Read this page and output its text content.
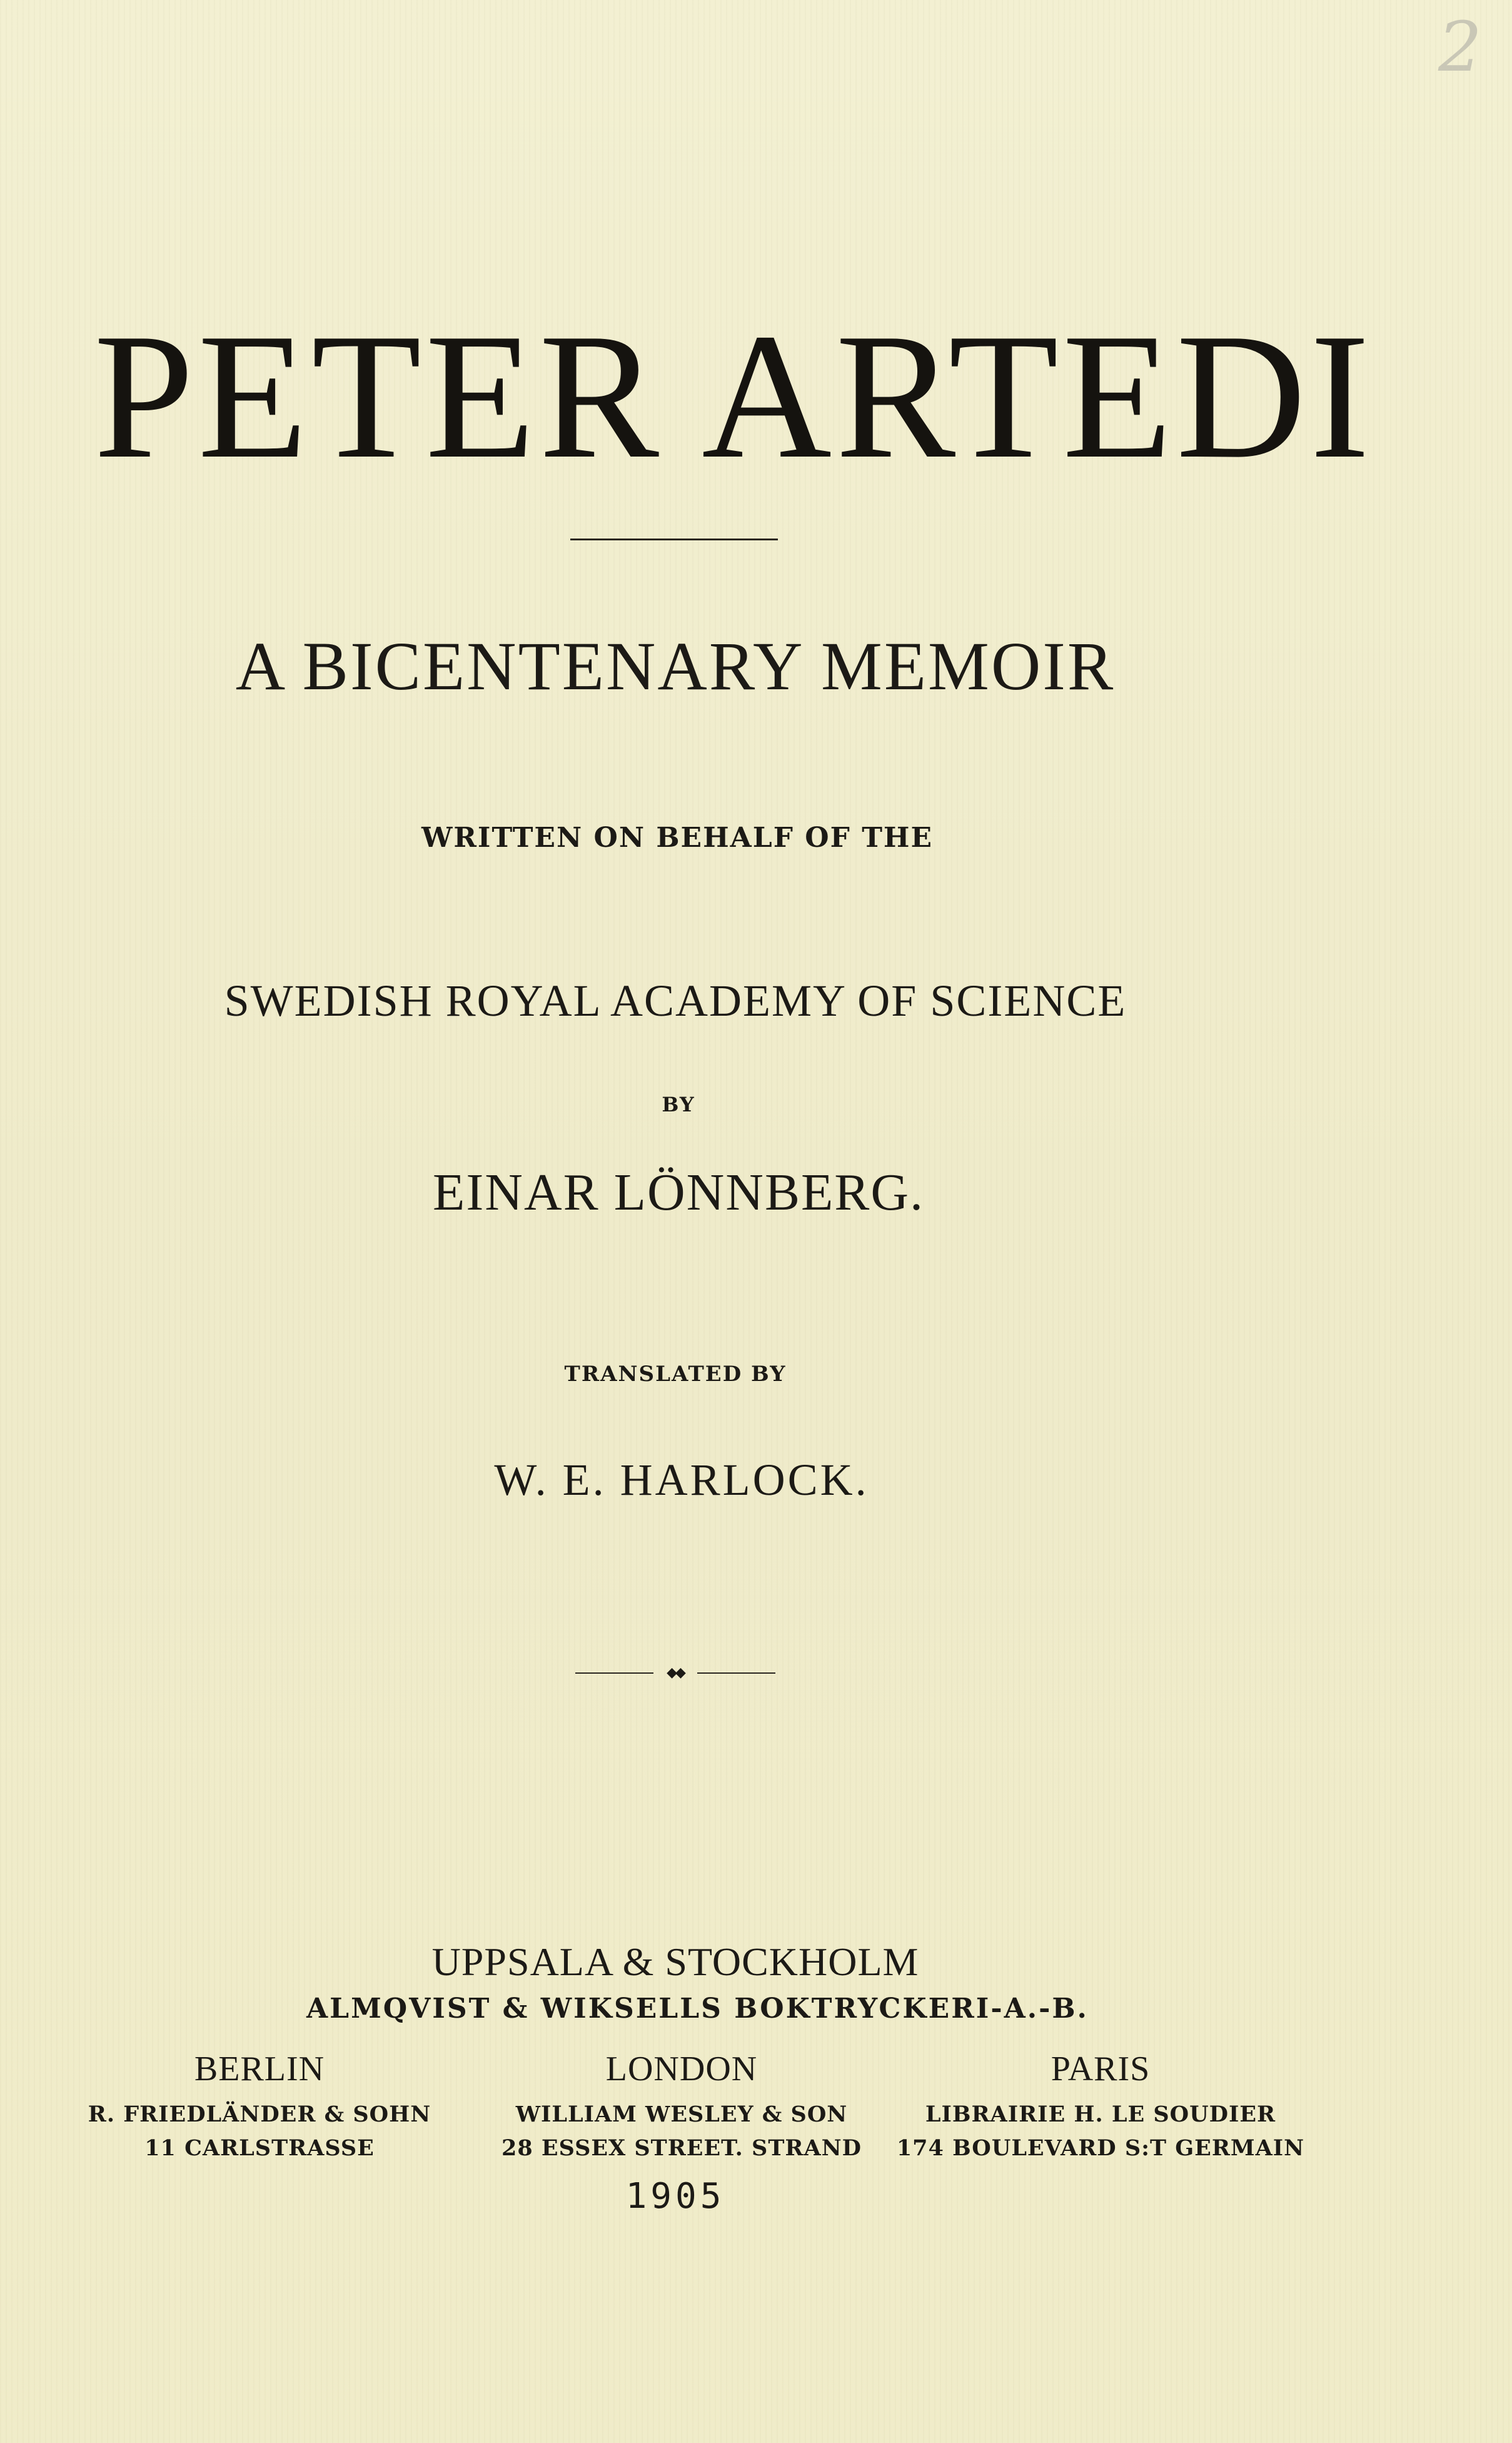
2
PETER ARTEDI
A BICENTENARY MEMOIR
WRITTEN ON BEHALF OF THE
SWEDISH ROYAL ACADEMY OF SCIENCE
BY
EINAR LÖNNBERG.
TRANSLATED BY
W. E. HARLOCK.
◆◆
UPPSALA & STOCKHOLM
ALMQVIST & WIKSELLS BOKTRYCKERI-A.-B.
BERLIN
R. FRIEDLÄNDER & SOHN
11 CARLSTRASSE
LONDON
WILLIAM WESLEY & SON
28 ESSEX STREET. STRAND
PARIS
LIBRAIRIE H. LE SOUDIER
174 BOULEVARD S:T GERMAIN
1905
